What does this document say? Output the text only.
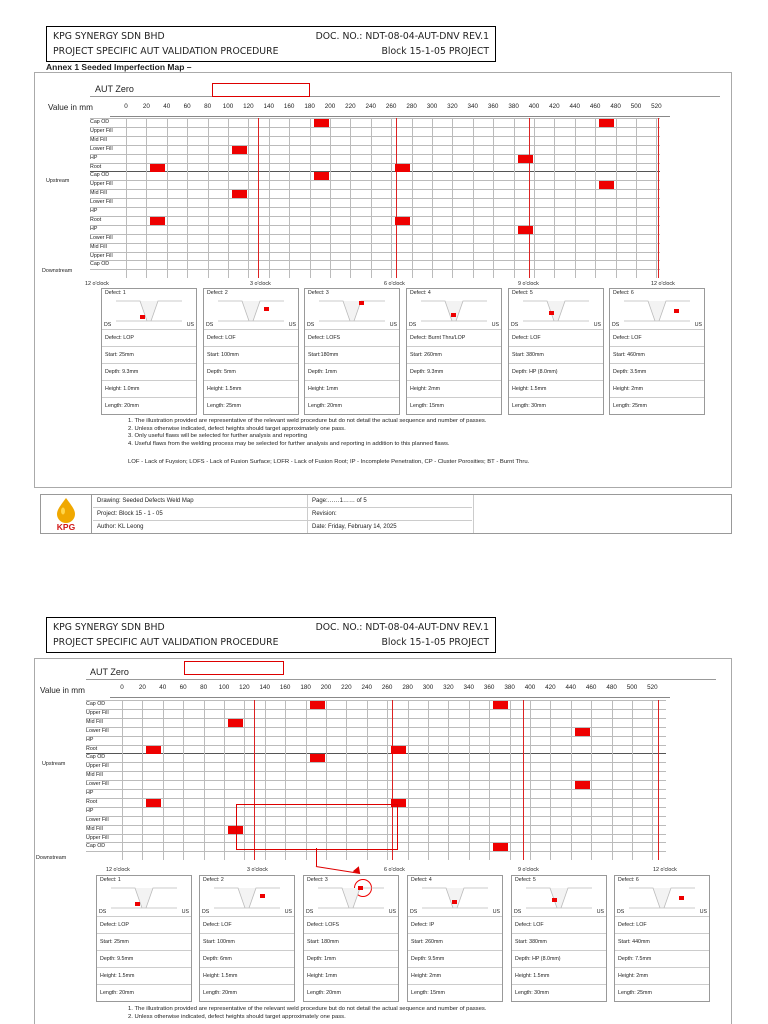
KPG SYNERGY SDN BHD
PROJECT SPECIFIC AUT VALIDATION PROCEDURE
DOC. NO.: NDT-08-04-AUT-DNV REV.1
Block 15-1-05 PROJECT
Annex 1 Seeded Imperfection Map –
AUT Zero
Value in mm	0 20 40 60 80 100 120 140 160 180 200 220 240 260 280 300 320 340 360 380 400 420 440 460 480 500 520
Cap OD
Upper Fill
Mid Fill
Lower Fill
HP
Root
Cap OD
Upper Fill
Mid Fill
Lower Fill
HP
Root
HP
Lower Fill
Mid Fill
Upper Fill
Cap OD
Upstream
Downstream
12 o'clock	3 o'clock	6 o'clock	9 o'clock	12 o'clock
Defect: 1
DS	US
Defect: LOP
Start: 25mm
Depth: 9.3mm
Height: 1.0mm
Length: 20mm
Defect: 2
DS	US
Defect: LOF
Start: 100mm
Depth: 5mm
Height: 1.5mm
Length: 25mm
Defect: 3
DS	US
Defect: LOFS
Start:180mm
Depth: 1mm
Height: 1mm
Length: 20mm
Defect: 4
DS	US
Defect: Burnt Thru/LOP
Start: 260mm
Depth: 9.3mm
Height: 2mm
Length: 15mm
Defect: 5
DS	US
Defect: LOF
Start: 380mm
Depth: HP (8.0mm)
Height: 1.5mm
Length: 30mm
Defect: 6
DS	US
Defect: LOF
Start: 460mm
Depth: 3.5mm
Height: 2mm
Length: 25mm
1. The illustration provided are representative of the relevant weld procedure but do not detail the actual sequence and number of passes.
2. Unless otherwise indicated, defect heights should target approximately one pass.
3. Only useful flaws will be selected for further analysis and reporting
4. Useful flaws from the welding process may be selected for further analysis and reporting in addition to this planned flaws.
LOF - Lack of Fuysion; LOFS - Lack of Fusion Surface; LOFR - Lack of Fusion Root; IP - Incomplete Penetration, CP - Cluster Porosities; BT - Burnt Thru.
KPG
Drawing: Seeded Defects Weld Map
Project: Block 15 - 1 - 05
Author: KL Leong
Page:……1…… of 5
Revision:
Date: Friday, February 14, 2025
KPG SYNERGY SDN BHD
PROJECT SPECIFIC AUT VALIDATION PROCEDURE
DOC. NO.: NDT-08-04-AUT-DNV REV.1
Block 15-1-05 PROJECT
AUT Zero
Value in mm	0 20 40 60 80 100 120 140 160 180 200 220 240 260 280 300 320 340 360 380 400 420 440 460 480 500 520
Cap OD
Upper Fill
Mid Fill
Lower Fill
HP
Root
Cap OD
Upper Fill
Mid Fill
Lower Fill
HP
Root
HP
Lower Fill
Mid Fill
Upper Fill
Cap OD
Upstream
Downstream
12 o'clock	3 o'clock	6 o'clock	9 o'clock	12 o'clock
Defect: 1
DS	US
Defect: LOP
Start: 25mm
Depth: 9.5mm
Height: 1.5mm
Length: 20mm
Defect: 2
DS	US
Defect: LOF
Start: 100mm
Depth: 6mm
Height: 1.5mm
Length: 20mm
Defect: 3
DS	US
Defect: LOFS
Start: 180mm
Depth: 1mm
Height: 1mm
Length: 20mm
Defect: 4
DS	US
Defect: IP
Start: 260mm
Depth: 9.5mm
Height: 2mm
Length: 15mm
Defect: 5
DS	US
Defect: LOF
Start: 380mm
Depth: HP (8.0mm)
Height: 1.5mm
Length: 30mm
Defect: 6
DS	US
Defect: LOF
Start: 440mm
Depth: 7.5mm
Height: 2mm
Length: 25mm
1. The illustration provided are representative of the relevant weld procedure but do not detail the actual sequence and number of passes.
2. Unless otherwise indicated, defect heights should target approximately one pass.
